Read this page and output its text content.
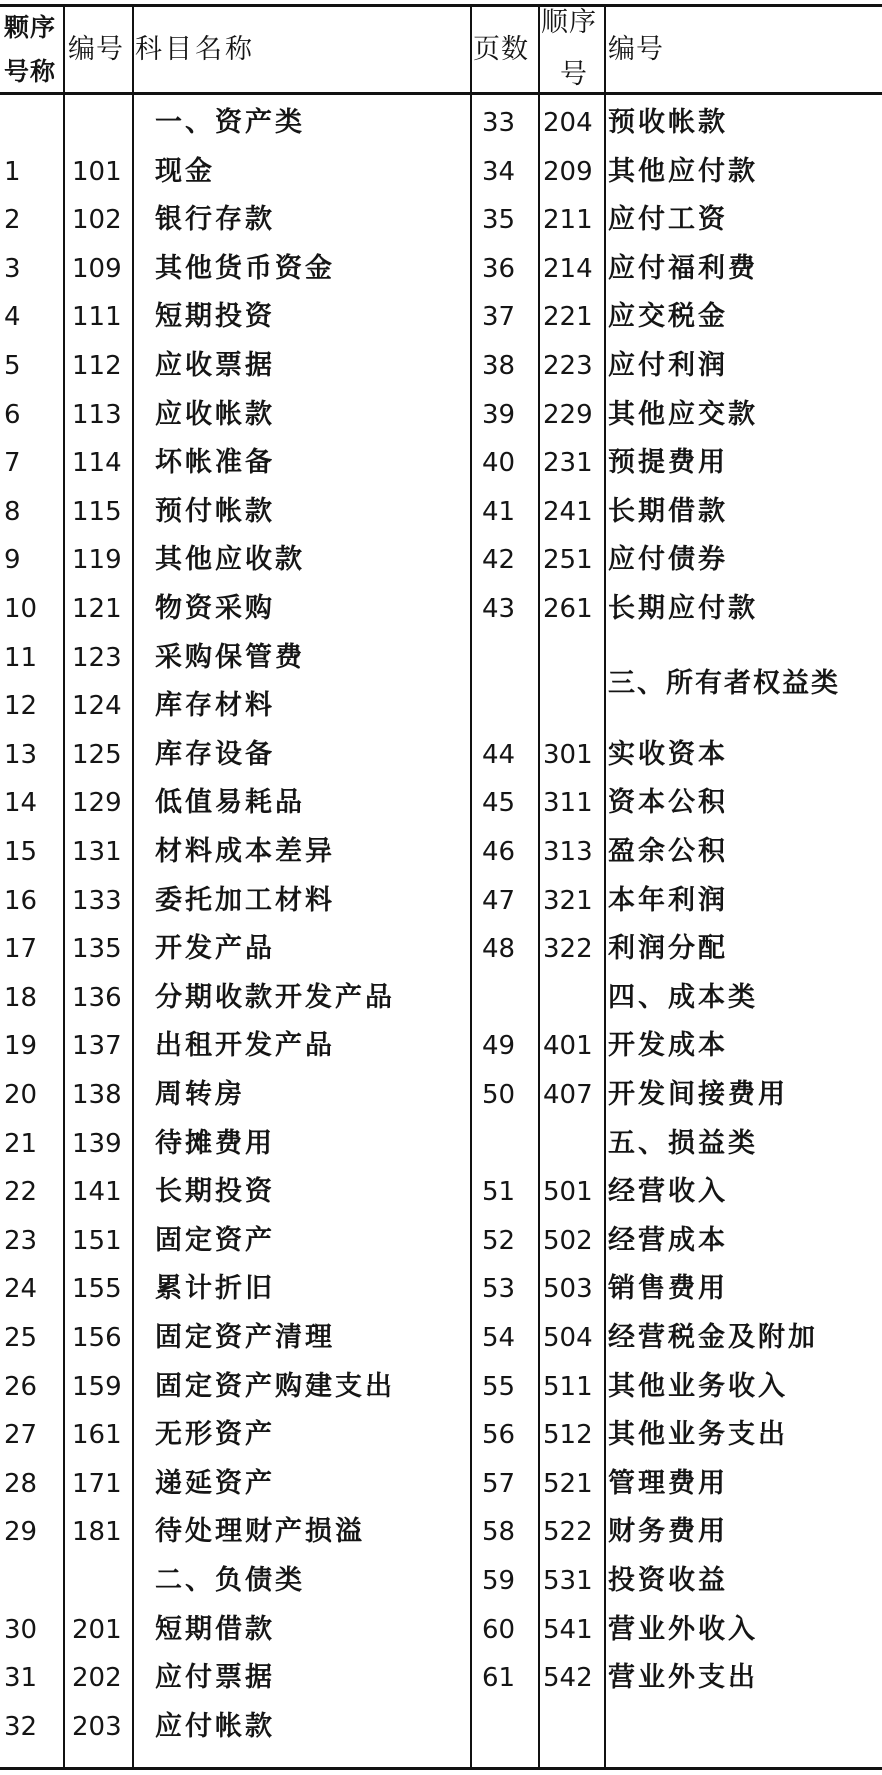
颗序
号称
编号 科目名称	页数
顺序
号
编号
三、所有者权益类
一、资产类
1 101 现金
2 102 银行存款
3 109 其他货币资金
4 111 短期投资
5 112 应收票据
6 113 应收帐款
7 114 坏帐准备
8 115 预付帐款
9 119 其他应收款
10 121 物资采购
11 123 采购保管费
12 124 库存材料
13 125 库存设备
14 129 低值易耗品
15 131 材料成本差异
16 133 委托加工材料
17 135 开发产品
18 136 分期收款开发产品
19 137 出租开发产品
20 138 周转房
21 139 待摊费用
22 141 长期投资
23 151 固定资产
24 155 累计折旧
25 156 固定资产清理
26 159 固定资产购建支出
27 161 无形资产
28 171 递延资产
29 181 待处理财产损溢
二、负债类
30 201 短期借款
31 202 应付票据
32 203 应付帐款
33 204 预收帐款
34 209 其他应付款
35 211 应付工资
36 214 应付福利费
37 221 应交税金
38 223 应付利润
39 229 其他应交款
40 231 预提费用
41 241 长期借款
42 251 应付债券
43 261 长期应付款
44 301 实收资本
45 311 资本公积
46 313 盈余公积
47 321 本年利润
48 322 利润分配
四、成本类
49 401 开发成本
50 407 开发间接费用
五、损益类
51 501 经营收入
52 502 经营成本
53 503 销售费用
54 504 经营税金及附加
55 511 其他业务收入
56 512 其他业务支出
57 521 管理费用
58 522 财务费用
59 531 投资收益
60 541 营业外收入
61 542 营业外支出
